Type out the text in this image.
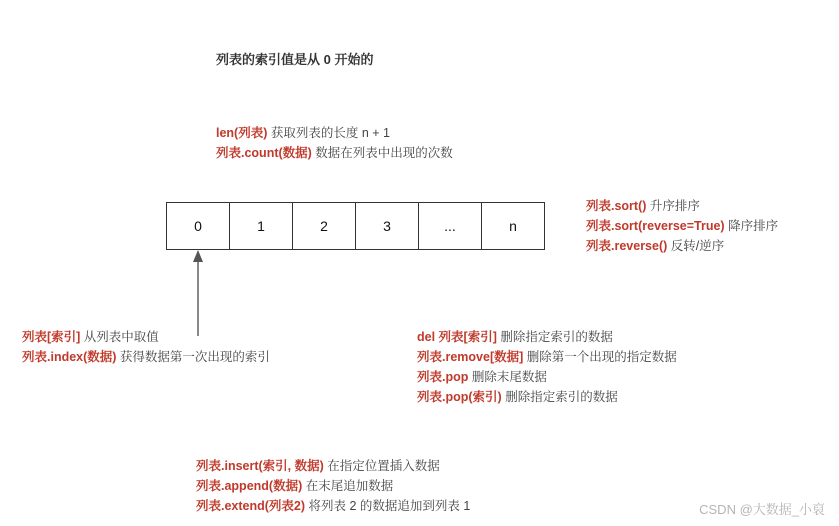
列表的索引值是从 0 开始的
len(列表) 获取列表的长度 n + 1
列表.count(数据) 数据在列表中出现的次数
列表.sort() 升序排序
列表.sort(reverse=True) 降序排序
列表.reverse() 反转/逆序
0	1	2	3	...	n
列表[索引] 从列表中取值
列表.index(数据) 获得数据第一次出现的索引
del 列表[索引] 删除指定索引的数据
列表.remove[数据] 删除第一个出现的指定数据
列表.pop 删除末尾数据
列表.pop(索引) 删除指定索引的数据
列表.insert(索引, 数据) 在指定位置插入数据
列表.append(数据) 在末尾追加数据
列表.extend(列表2) 将列表 2 的数据追加到列表 1	CSDN @大数据_小裒
